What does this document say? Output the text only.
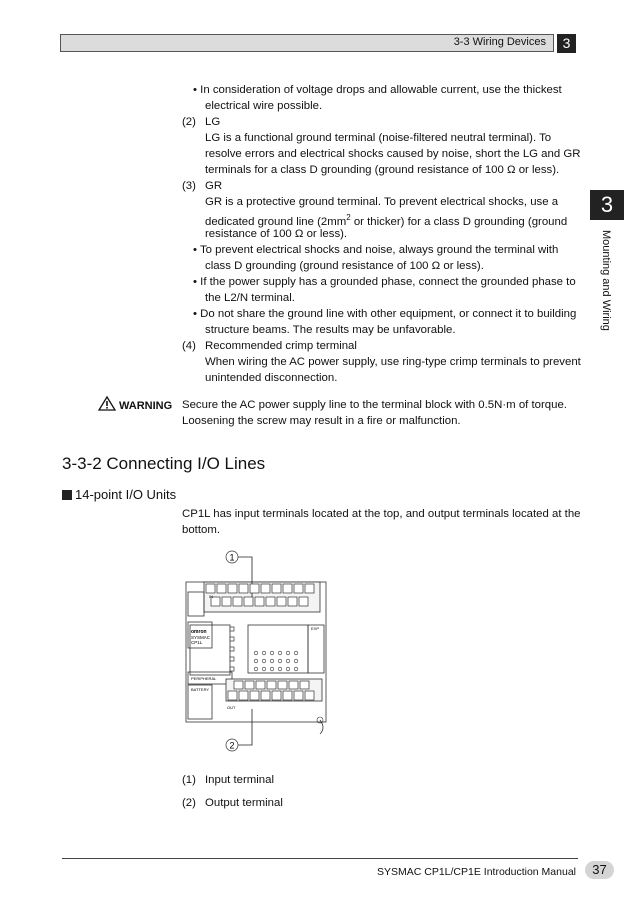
3-3 Wiring Devices	3
3
Mounting and Wiring
• In consideration of voltage drops and allowable current, use the thickest
electrical wire possible.
(2) LG
LG is a functional ground terminal (noise-filtered neutral terminal). To
resolve errors and electrical shocks caused by noise, short the LG and GR
terminals for a class D grounding (ground resistance of 100 Ω or less).
(3) GR
GR is a protective ground terminal. To prevent electrical shocks, use a
dedicated ground line ($2mm^2$ or thicker) for a class D grounding (ground
resistance of 100 Ω or less).
• To prevent electrical shocks and noise, always ground the terminal with
class D grounding (ground resistance of 100 Ω or less).
• If the power supply has a grounded phase, connect the grounded phase to
the L2/N terminal.
• Do not share the ground line with other equipment, or connect it to building
structure beams. The results may be unfavorable.
(4) Recommended crimp terminal
When wiring the AC power supply, use ring-type crimp terminals to prevent
unintended disconnection.
WARNING Secure the AC power supply line to the terminal block with 0.5N·m of torque.
Loosening the screw may result in a fire or malfunction.
3-3-2 Connecting I/O Lines
14-point I/O Units
CP1L has input terminals located at the top, and output terminals located at the
bottom.
1
2
omron
SYSMAC
CP1L
PERIPHERAL
BATTERY
EXP
IN
OUT
(1) Input terminal
(2) Output terminal
SYSMAC CP1L/CP1E Introduction Manual	37
